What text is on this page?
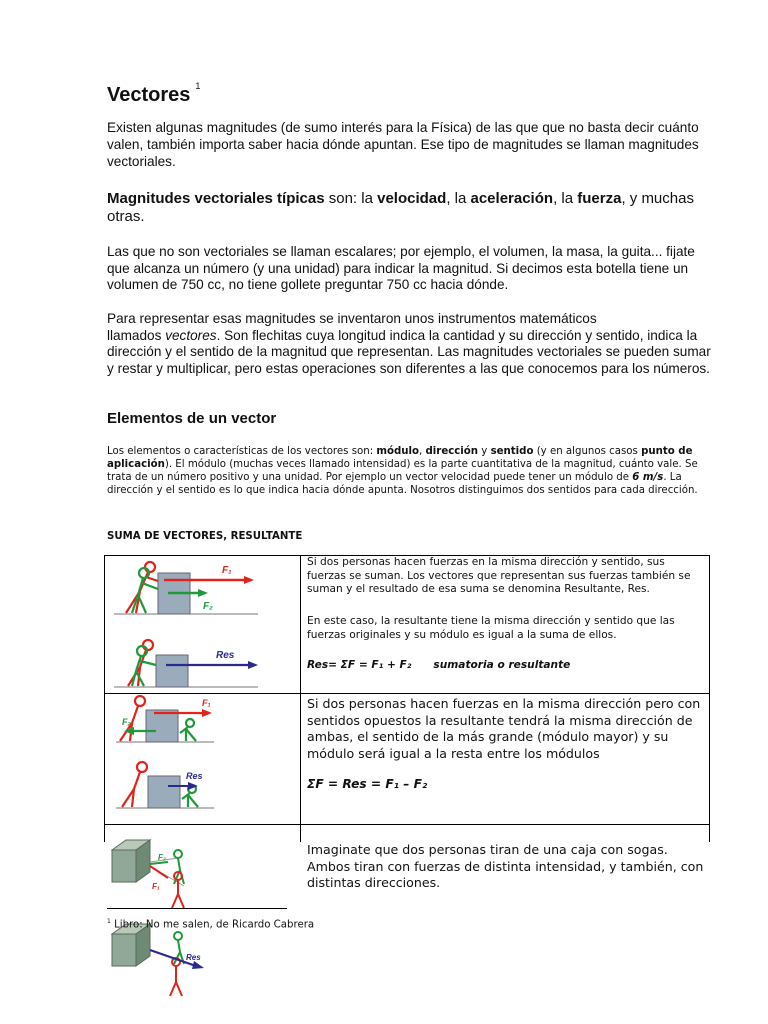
Vectores $^1$
Existen algunas magnitudes (de sumo interés para la Física) de las que que no basta decir cuánto valen, también importa saber hacia dónde apuntan. Ese tipo de magnitudes se llaman magnitudes vectoriales.
Magnitudes vectoriales típicas son: la velocidad, la aceleración, la fuerza, y muchas otras.
Las que no son vectoriales se llaman escalares; por ejemplo, el volumen, la masa, la guita... fijate que alcanza un número (y una unidad) para indicar la magnitud. Si decimos esta botella tiene un volumen de 750 cc, no tiene gollete preguntar 750 cc hacia dónde.
Para representar esas magnitudes se inventaron unos instrumentos matemáticos
llamados vectores. Son flechitas cuya longitud indica la cantidad y su dirección y sentido, indica la dirección y el sentido de la magnitud que representan. Las magnitudes vectoriales se pueden sumar y restar y multiplicar, pero estas operaciones son diferentes a las que conocemos para los números.
Elementos de un vector
Los elementos o características de los vectores son: módulo, dirección y sentido (y en algunos casos punto de aplicación). El módulo (muchas veces llamado intensidad) es la parte cuantitativa de la magnitud, cuánto vale. Se trata de un número positivo y una unidad. Por ejemplo un vector velocidad puede tener un módulo de 6 m/s. La dirección y el sentido es lo que indica hacia dónde apunta. Nosotros distinguimos dos sentidos para cada dirección.
SUMA DE VECTORES, RESULTANTE
F₁
F₂
Res
Si dos personas hacen fuerzas en la misma dirección y sentido, sus fuerzas se suman. Los vectores que representan sus fuerzas también se suman y el resultado de esa suma se denomina Resultante, Res.
En este caso, la resultante tiene la misma dirección y sentido que las fuerzas originales y su módulo es igual a la suma de ellos.
Res= ΣF = F₁ + F₂ sumatoria o resultante
F₁
F₂
Res
Si dos personas hacen fuerzas en la misma dirección pero con sentidos opuestos la resultante tendrá la misma dirección de ambas, el sentido de la más grande (módulo mayor) y su módulo será igual a la resta entre los módulos
ΣF = Res = F₁ – F₂
F₁
F₂
Res
Imaginate que dos personas tiran de una caja con sogas. Ambos tiran con fuerzas de distinta intensidad, y también, con distintas direcciones.
$^1$ Libro: No me salen, de Ricardo Cabrera
